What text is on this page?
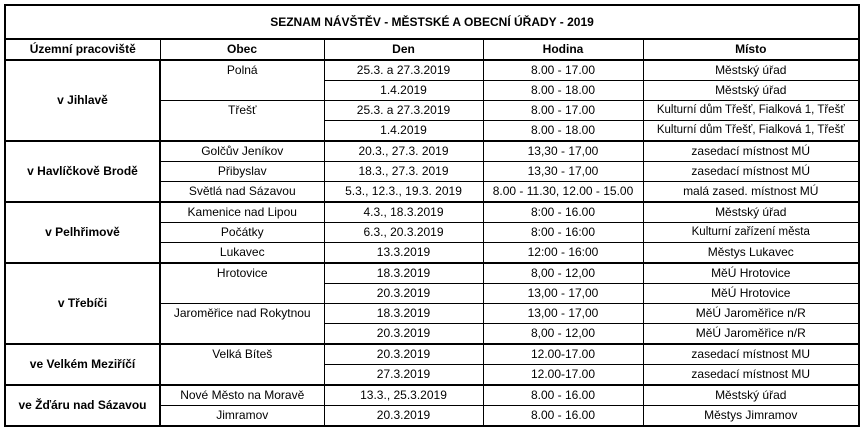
SEZNAM NÁVŠTĚV - MĚSTSKÉ A OBECNÍ ÚŘADY - 2019				
Územní pracoviště	Obec	Den	Hodina	Místo
v Jihlavě	Polná	25.3. a 27.3.2019	8.00 - 17.00	Městský úřad
		1.4.2019	8.00 - 18.00	Městský úřad
	Třešť	25.3. a 27.3.2019	8.00 - 17.00	Kulturní dům Třešť, Fialková 1, Třešť
		1.4.2019	8.00 - 18.00	Kulturní dům Třešť, Fialková 1, Třešť
v Havlíčkově Brodě	Golčův Jeníkov	20.3., 27.3. 2019	13,30 - 17,00	zasedací místnost MÚ
	Přibyslav	18.3., 27.3. 2019	13,30 - 17,00	zasedací místnost MÚ
	Světlá nad Sázavou	5.3., 12.3., 19.3. 2019	8.00 - 11.30, 12.00 - 15.00	malá zased. místnost MÚ
v Pelhřimově	Kamenice nad Lipou	4.3., 18.3.2019	8:00 - 16.00	Městský úřad
	Počátky	6.3., 20.3.2019	8:00 - 16:00	Kulturní zařízení města
	Lukavec	13.3.2019	12:00 - 16:00	Městys Lukavec
v Třebíči	Hrotovice	18.3.2019	8,00 - 12,00	MěÚ Hrotovice
		20.3.2019	13,00 - 17,00	MěÚ Hrotovice
	Jaroměřice nad Rokytnou	18.3.2019	13,00 - 17,00	MěÚ Jaroměřice n/R
		20.3.2019	8,00 - 12,00	MěÚ Jaroměřice n/R
ve Velkém Meziříčí	Velká Bíteš	20.3.2019	12.00-17.00	zasedací místnost MU
		27.3.2019	12.00-17.00	zasedací místnost MU
ve Žďáru nad Sázavou	Nové Město na Moravě	13.3., 25.3.2019	8.00 - 16.00	Městský úřad
	Jimramov	20.3.2019	8.00 - 16.00	Městys Jimramov
